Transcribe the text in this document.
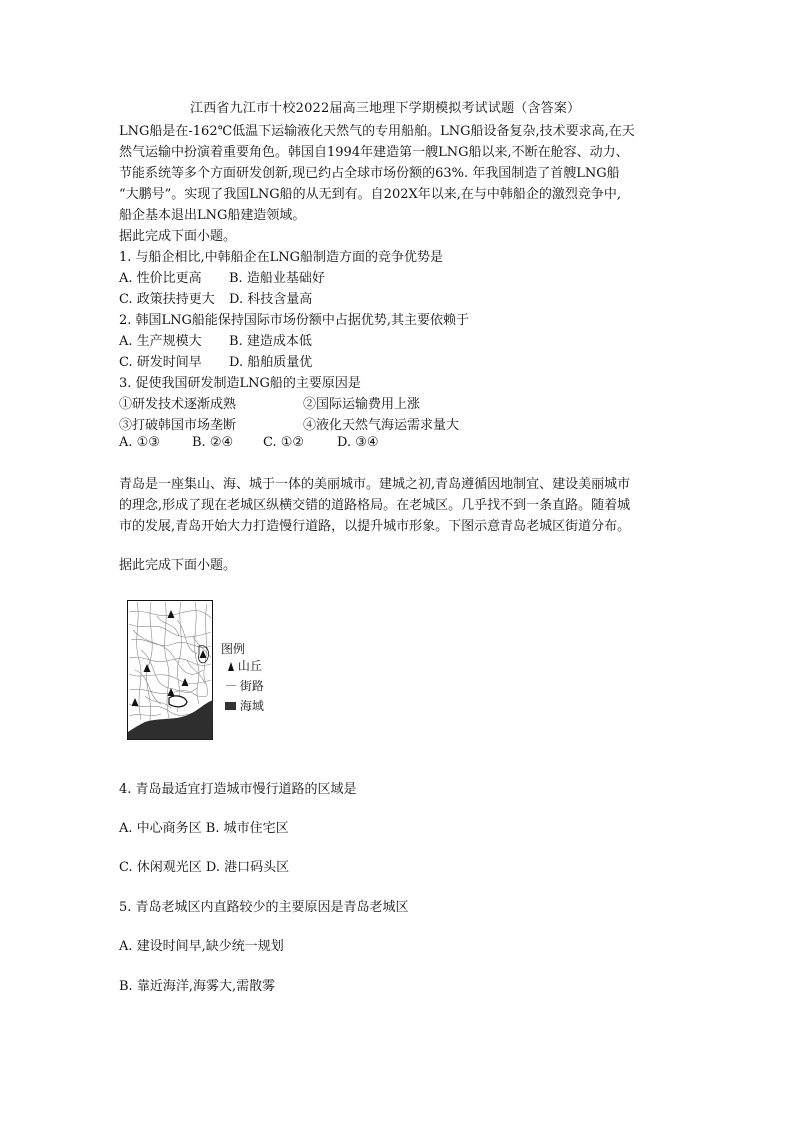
江西省九江市十校2022届高三地理下学期模拟考试试题（含答案）
LNG船是在-162℃低温下运输液化天然气的专用船舶。LNG船设备复杂,技术要求高,在天
然气运输中扮演着重要角色。韩国自1994年建造第一艘LNG船以来,不断在舱容、动力、
节能系统等多个方面研发创新,现已约占全球市场份额的63%. 年我国制造了首艘LNG船
“大鹏号”。实现了我国LNG船的从无到有。自202X年以来,在与中韩船企的激烈竞争中,
船企基本退出LNG船建造领域。
据此完成下面小题。
1. 与船企相比,中韩船企在LNG船制造方面的竞争优势是
A. 性价比更高 B. 造船业基础好
C. 政策扶持更大 D. 科技含量高
2. 韩国LNG船能保持国际市场份额中占据优势,其主要依赖于
A. 生产规模大 B. 建造成本低
C. 研发时间早 D. 船舶质量优
3. 促使我国研发制造LNG船的主要原因是
①研发技术逐渐成熟	②国际运输费用上涨
③打破韩国市场垄断	④液化天然气海运需求量大
A. ①③ B. ②④ C. ①②	D. ③④
青岛是一座集山、海、城于一体的美丽城市。建城之初,青岛遵循因地制宜、建设美丽城市
的理念,形成了现在老城区纵横交错的道路格局。在老城区。几乎找不到一条直路。随着城
市的发展,青岛开始大力打造慢行道路，以提升城市形象。下图示意青岛老城区街道分布。
据此完成下面小题。
图例
山丘
街路
海域
4. 青岛最适宜打造城市慢行道路的区域是
A. 中心商务区 B. 城市住宅区
C. 休闲观光区 D. 港口码头区
5. 青岛老城区内直路较少的主要原因是青岛老城区
A. 建设时间早,缺少统一规划
B. 靠近海洋,海雾大,需散雾
